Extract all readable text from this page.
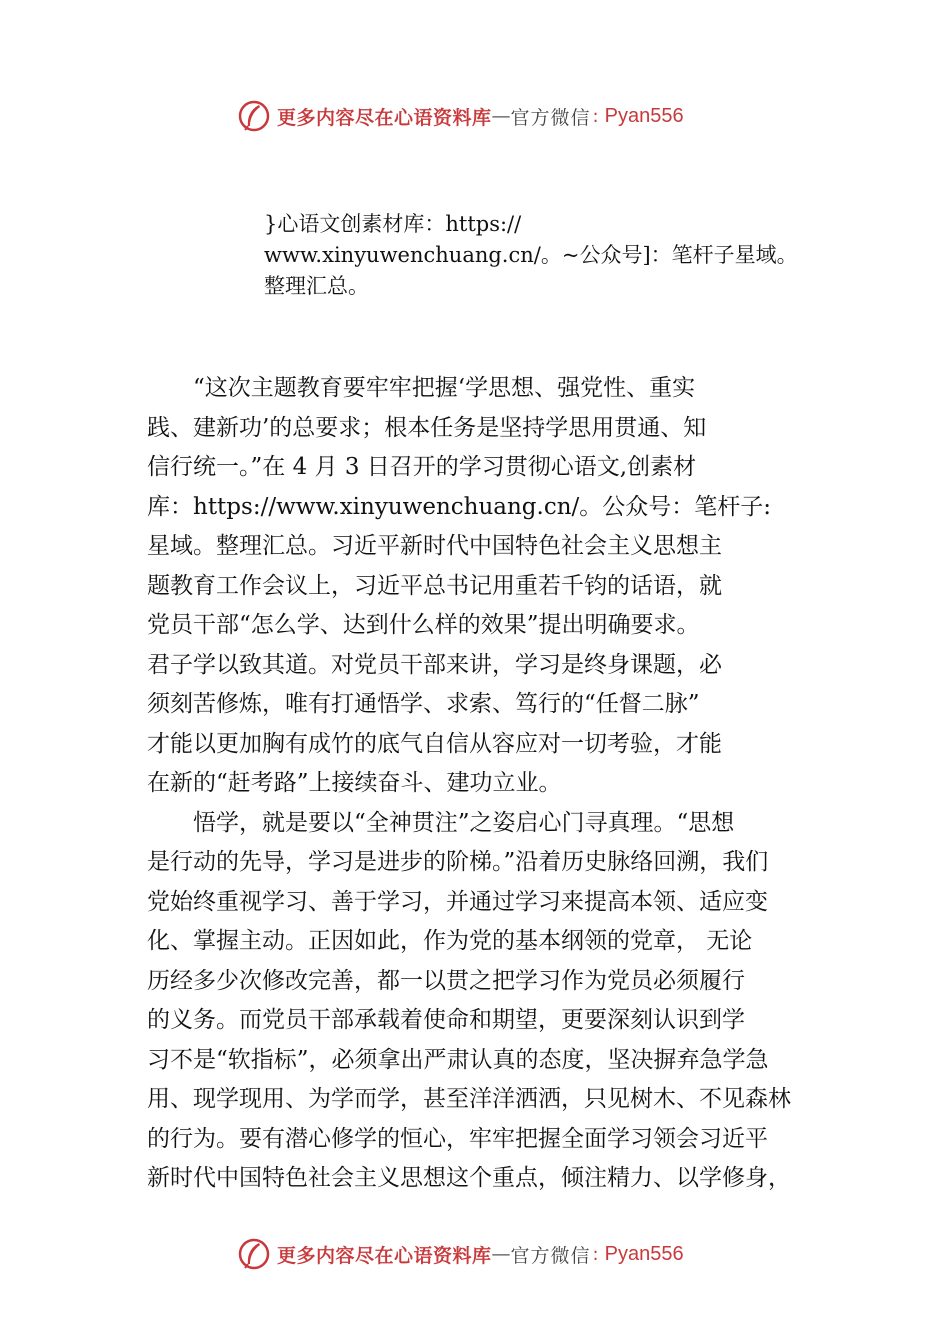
更多内容尽在心语资料库 — 官方微信 : Pyan556

}心语文创素材库：https://

www.xinyuwenchuang.cn/。~公众号]：笔杆子星域。

整理汇总。

“这次主题教育要牢牢把握‘学思想、强党性、重实

践、建新功’的总要求；根本任务是坚持学思用贯通、知

信行统一。”在 4 月 3 日召开的学习贯彻心语文,创素材

库：https://www.xinyuwenchuang.cn/。公众号：笔杆子:

星域。整理汇总。习近平新时代中国特色社会主义思想主

题教育工作会议上，习近平总书记用重若千钧的话语，就

党员干部“怎么学、达到什么样的效果”提出明确要求。

君子学以致其道。对党员干部来讲，学习是终身课题，必

须刻苦修炼，唯有打通悟学、求索、笃行的“任督二脉”

才能以更加胸有成竹的底气自信从容应对一切考验，才能

在新的“赶考路”上接续奋斗、建功立业。

悟学，就是要以“全神贯注”之姿启心门寻真理。“思想

是行动的先导，学习是进步的阶梯。”沿着历史脉络回溯，我们

党始终重视学习、善于学习，并通过学习来提高本领、适应变

化、掌握主动。正因如此，作为党的基本纲领的党章， 无论

历经多少次修改完善，都一以贯之把学习作为党员必须履行

的义务。而党员干部承载着使命和期望，更要深刻认识到学

习不是“软指标”，必须拿出严肃认真的态度，坚决摒弃急学急

用、现学现用、为学而学，甚至洋洋洒洒，只见树木、不见森林

的行为。要有潜心修学的恒心，牢牢把握全面学习领会习近平

新时代中国特色社会主义思想这个重点，倾注精力、以学修身，

更多内容尽在心语资料库 — 官方微信 : Pyan556
